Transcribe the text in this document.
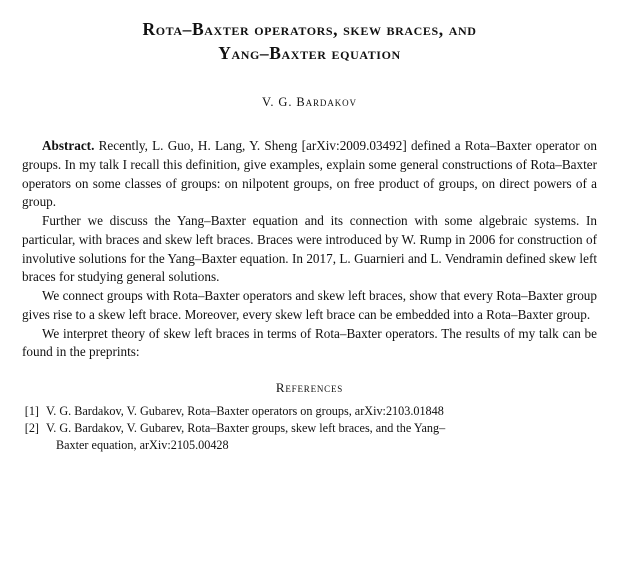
Rota–Baxter operators, skew braces, and
Yang–Baxter equation
V. G. Bardakov

Abstract. Recently, L. Guo, H. Lang, Y. Sheng [arXiv:2009.03492] defined a Rota–Baxter operator on groups. In my talk I recall this definition, give examples, explain some general constructions of Rota–Baxter operators on some classes of groups: on nilpotent groups, on free product of groups, on direct powers of a group.

Further we discuss the Yang–Baxter equation and its connection with some algebraic systems. In particular, with braces and skew left braces. Braces were introduced by W. Rump in 2006 for construction of involutive solutions for the Yang–Baxter equation. In 2017, L. Guarnieri and L. Vendramin defined skew left braces for studying general solutions.

We connect groups with Rota–Baxter operators and skew left braces, show that every Rota–Baxter group gives rise to a skew left brace. Moreover, every skew left brace can be embedded into a Rota–Baxter group.

We interpret theory of skew left braces in terms of Rota–Baxter operators. The results of my talk can be found in the preprints:

References
[1] V. G. Bardakov, V. Gubarev, Rota–Baxter operators on groups, arXiv:2103.01848
[2] V. G. Bardakov, V. Gubarev, Rota–Baxter groups, skew left braces, and the Yang–
Baxter equation, arXiv:2105.00428
